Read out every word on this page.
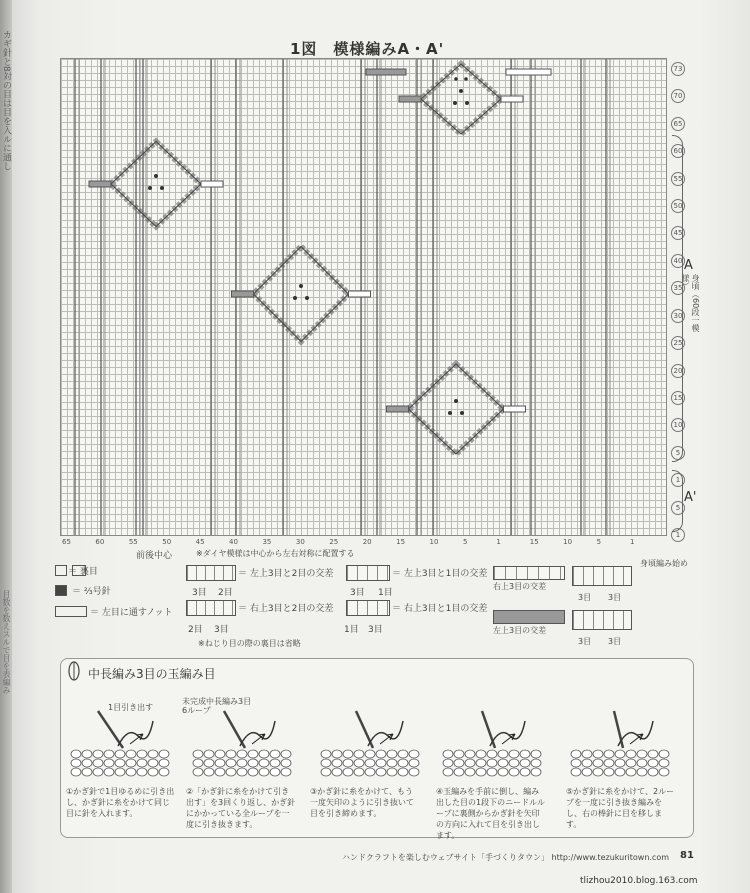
カギ針と8対の目は目を入ルに通し
目数を数えスルで目を表編み
1図　模様編みA・A'
73
70
65
60
55
50
45
40
35
30
25
20
15
10
5
1
5
1
65	60	55	50	45	40	35	30	25	20	15	10	5	1	15	10	5	1
A
身頃（60段一模様）
A'
前後中心	※ダイヤ模様は中心から左右対称に配置する
身頃編み始め
＝ 裏目
＝ ⅔号針
＝ 左目に通すノット
＝ 左上3目と2目の交差
3目 2目
＝ 右上3目と2目の交差
2目 3目
＝ 左上3目と1目の交差
3目 1目
＝ 右上3目と1目の交差
1目 3目
※ねじり目の際の裏目は省略
右上3目の交差
3目 3目
左上3目の交差
3目 3目
中長編み3目の玉編み目
1目引き出す
未完成中長編み3目
6ループ
①かぎ針で1目ゆるめに引き出し、かぎ針に糸をかけて同じ目に針を入れます。
②「かぎ針に糸をかけて引き出す」を3回くり返し、かぎ針にかかっている全ループを一度に引き抜きます。
③かぎ針に糸をかけて、もう一度矢印のように引き抜いて目を引き締めます。
④玉編みを手前に倒し、編み出した目の1段下のニードルループに裏側からかぎ針を矢印の方向に入れて目を引き出します。
⑤かぎ針に糸をかけて、2ループを一度に引き抜き編みをし、右の棒針に目を移します。
ハンドクラフトを楽しむウェブサイト「手づくりタウン」 http://www.tezukuritown.com 81
tlizhou2010.blog.163.com
